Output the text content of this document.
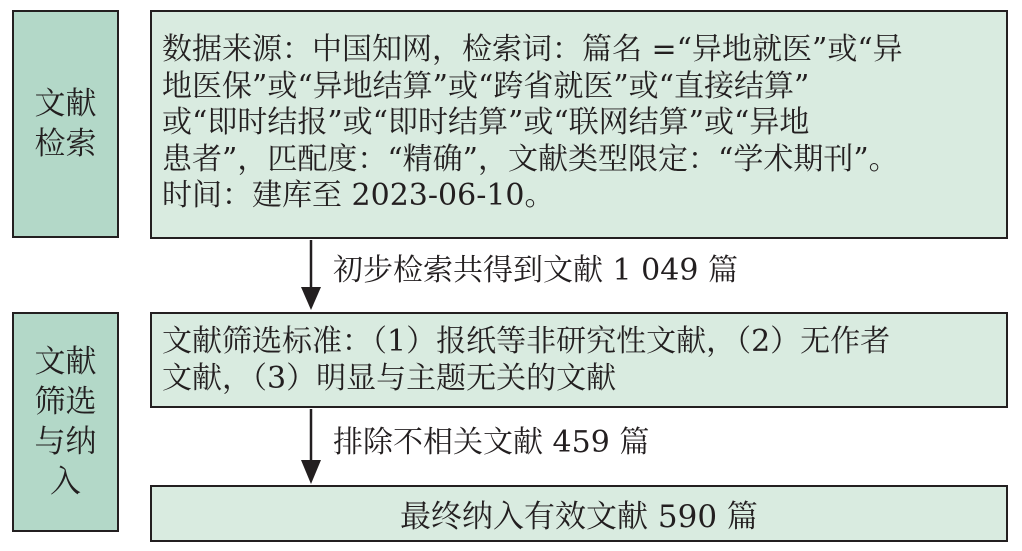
文献
检索
数据来源：中国知网，检索词：篇名 =“异地就医”或“异
地医保”或“异地结算”或“跨省就医”或“直接结算”
或“即时结报”或“即时结算”或“联网结算”或“异地
患者”，匹配度：“精确”，文献类型限定：“学术期刊”。
时间：建库至 2023-06-10。
文献
筛选
与纳
入
文献筛选标准：（1）报纸等非研究性文献，（2）无作者
文献，（3）明显与主题无关的文献
最终纳入有效文献 590 篇
初步检索共得到文献 1 049 篇
排除不相关文献 459 篇
